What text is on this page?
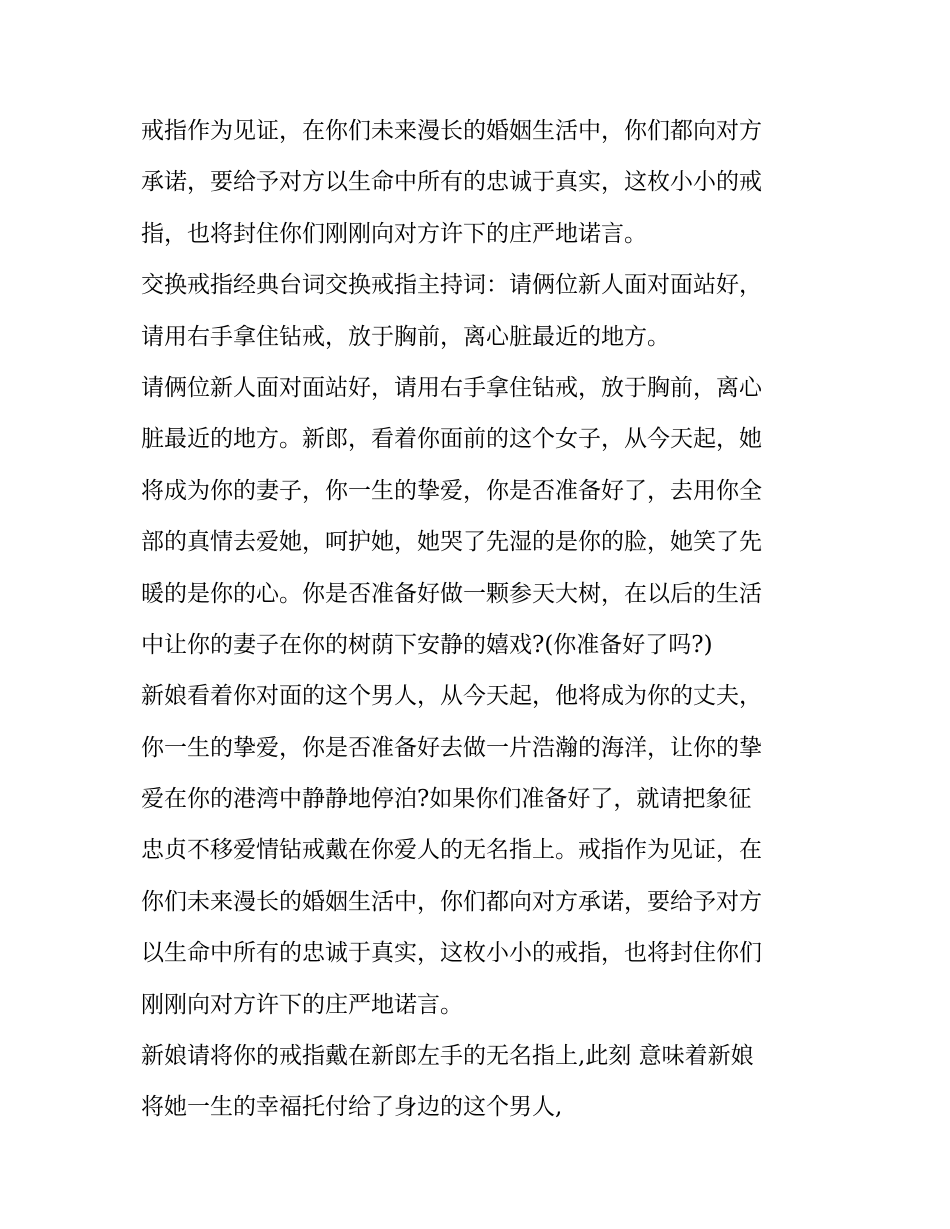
戒指作为见证，在你们未来漫长的婚姻生活中，你们都向对方
承诺，要给予对方以生命中所有的忠诚于真实，这枚小小的戒
指，也将封住你们刚刚向对方许下的庄严地诺言。
交换戒指经典台词交换戒指主持词：请俩位新人面对面站好，
请用右手拿住钻戒，放于胸前，离心脏最近的地方。
请俩位新人面对面站好，请用右手拿住钻戒，放于胸前，离心
脏最近的地方。新郎，看着你面前的这个女子，从今天起，她
将成为你的妻子，你一生的挚爱，你是否准备好了，去用你全
部的真情去爱她，呵护她，她哭了先湿的是你的脸，她笑了先
暖的是你的心。你是否准备好做一颗参天大树，在以后的生活
中让你的妻子在你的树荫下安静的嬉戏?(你准备好了吗?)
新娘看着你对面的这个男人，从今天起，他将成为你的丈夫，
你一生的挚爱，你是否准备好去做一片浩瀚的海洋，让你的挚
爱在你的港湾中静静地停泊?如果你们准备好了，就请把象征
忠贞不移爱情钻戒戴在你爱人的无名指上。戒指作为见证，在
你们未来漫长的婚姻生活中，你们都向对方承诺，要给予对方
以生命中所有的忠诚于真实，这枚小小的戒指，也将封住你们
刚刚向对方许下的庄严地诺言。
新娘请将你的戒指戴在新郎左手的无名指上,此刻 意味着新娘
将她一生的幸福托付给了身边的这个男人,
